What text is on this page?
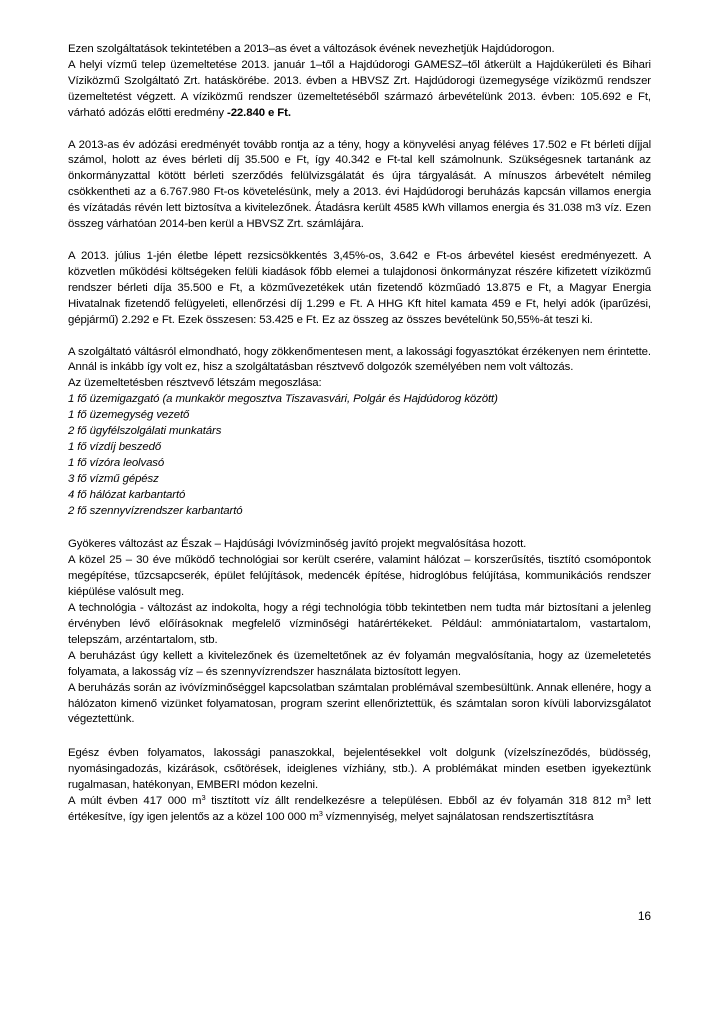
Ezen szolgáltatások tekintetében a 2013–as évet a változások évének nevezhetjük Hajdúdorogon.

A helyi vízmű telep üzemeltetése 2013. január 1–től a Hajdúdorogi GAMESZ–től átkerült a Hajdúkerületi és Bihari Víziközmű Szolgáltató Zrt. hatáskörébe. 2013. évben a HBVSZ Zrt. Hajdúdorogi üzemegysége víziközmű rendszer üzemeltetést végzett. A víziközmű rendszer üzemeltetéséből származó árbevételünk 2013. évben: 105.692 e Ft, várható adózás előtti eredmény -22.840 e Ft.

A 2013-as év adózási eredményét tovább rontja az a tény, hogy a könyvelési anyag féléves 17.502 e Ft bérleti díjjal számol, holott az éves bérleti díj 35.500 e Ft, így 40.342 e Ft-tal kell számolnunk. Szükségesnek tartanánk az önkormányzattal kötött bérleti szerződés felülvizsgálatát és újra tárgyalását. A mínuszos árbevételt némileg csökkentheti az a 6.767.980 Ft-os követelésünk, mely a 2013. évi Hajdúdorogi beruházás kapcsán villamos energia és vízátadás révén lett biztosítva a kivitelezőnek. Átadásra került 4585 kWh villamos energia és 31.038 m3 víz. Ezen összeg várhatóan 2014-ben kerül a HBVSZ Zrt. számlájára.

A 2013. július 1-jén életbe lépett rezsicsökkentés 3,45%-os, 3.642 e Ft-os árbevétel kiesést eredményezett. A közvetlen működési költségeken felüli kiadások főbb elemei a tulajdonosi önkormányzat részére kifizetett víziközmű rendszer bérleti díja 35.500 e Ft, a közművezetékek után fizetendő közműadó 13.875 e Ft, a Magyar Energia Hivatalnak fizetendő felügyeleti, ellenőrzési díj 1.299 e Ft. A HHG Kft hitel kamata 459 e Ft, helyi adók (iparűzési, gépjármű) 2.292 e Ft. Ezek összesen: 53.425 e Ft. Ez az összeg az összes bevételünk 50,55%-át teszi ki.

A szolgáltató váltásról elmondható, hogy zökkenőmentesen ment, a lakossági fogyasztókat érzékenyen nem érintette. Annál is inkább így volt ez, hisz a szolgáltatásban résztvevő dolgozók személyében nem volt változás.

Az üzemeltetésben résztvevő létszám megoszlása:

1 fő üzemigazgató (a munkakör megosztva Tiszavasvári, Polgár és Hajdúdorog között)
1 fő üzemegység vezető
2 fő ügyfélszolgálati munkatárs
1 fő vízdíj beszedő
1 fő vízóra leolvasó
3 fő vízmű gépész
4 fő hálózat karbantartó
2 fő szennyvízrendszer karbantartó

Gyökeres változást az Észak – Hajdúsági Ivóvízminőség javító projekt megvalósítása hozott.

A közel 25 – 30 éve működő technológiai sor került cserére, valamint hálózat – korszerűsítés, tisztító csomópontok megépítése, tűzcsapcserék, épület felújítások, medencék építése, hidroglóbus felújítása, kommunikációs rendszer kiépülése valósult meg.

A technológia - változást az indokolta, hogy a régi technológia több tekintetben nem tudta már biztosítani a jelenleg érvényben lévő előírásoknak megfelelő vízminőségi határértékeket. Például: ammóniatartalom, vastartalom, telepszám, arzéntartalom, stb.

A beruházást úgy kellett a kivitelezőnek és üzemeltetőnek az év folyamán megvalósítania, hogy az üzemeletetés folyamata, a lakosság víz – és szennyvízrendszer használata biztosított legyen.

A beruházás során az ivóvízminőséggel kapcsolatban számtalan problémával szembesültünk. Annak ellenére, hogy a hálózaton kimenő vizünket folyamatosan, program szerint ellenőriztettük, és számtalan soron kívüli laborvizsgálatot végeztettünk.

Egész évben folyamatos, lakossági panaszokkal, bejelentésekkel volt dolgunk (vízelszíneződés, büdösség, nyomásingadozás, kizárások, csőtörések, ideiglenes vízhiány, stb.). A problémákat minden esetben igyekeztünk rugalmasan, hatékonyan, EMBERI módon kezelni.

A múlt évben 417 000 $m^3$ tisztított víz állt rendelkezésre a településen. Ebből az év folyamán 318 812 $m^3$ lett értékesítve, így igen jelentős az a közel 100 000 $m^3$ vízmennyiség, melyet sajnálatosan rendszertisztításra

16
